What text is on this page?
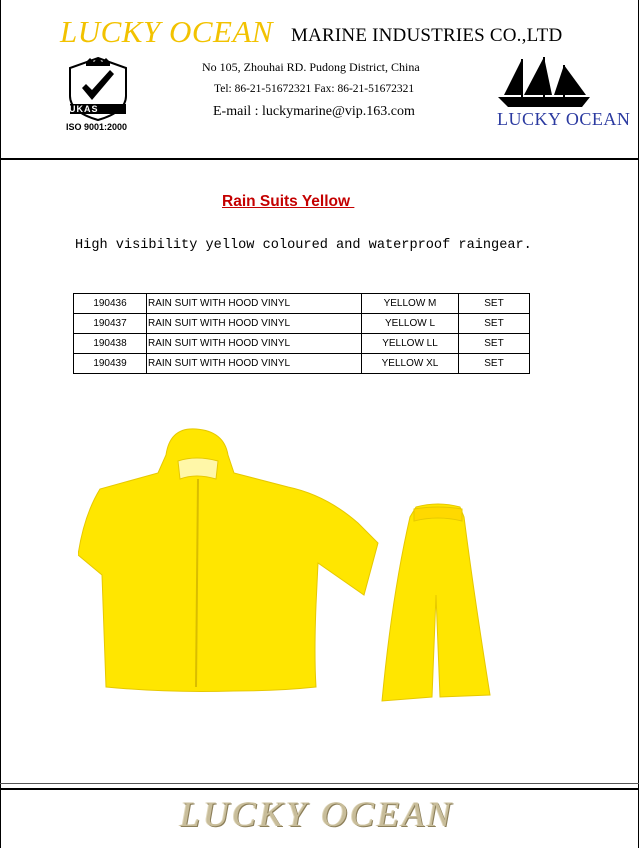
LUCKY OCEAN MARINE INDUSTRIES CO.,LTD
UKAS
ISO 9001:2000
No 105, Zhouhai RD. Pudong District, China
Tel: 86-21-51672321 Fax: 86-21-51672321
E-mail : luckymarine@vip.163.com	LUCKY OCEAN
Rain Suits Yellow
High visibility yellow coloured and waterproof raingear.
190436	RAIN SUIT WITH HOOD VINYL	YELLOW M	SET
190437	RAIN SUIT WITH HOOD VINYL	YELLOW L	SET
190438	RAIN SUIT WITH HOOD VINYL	YELLOW LL	SET
190439	RAIN SUIT WITH HOOD VINYL	YELLOW XL	SET
LUCKY OCEAN
